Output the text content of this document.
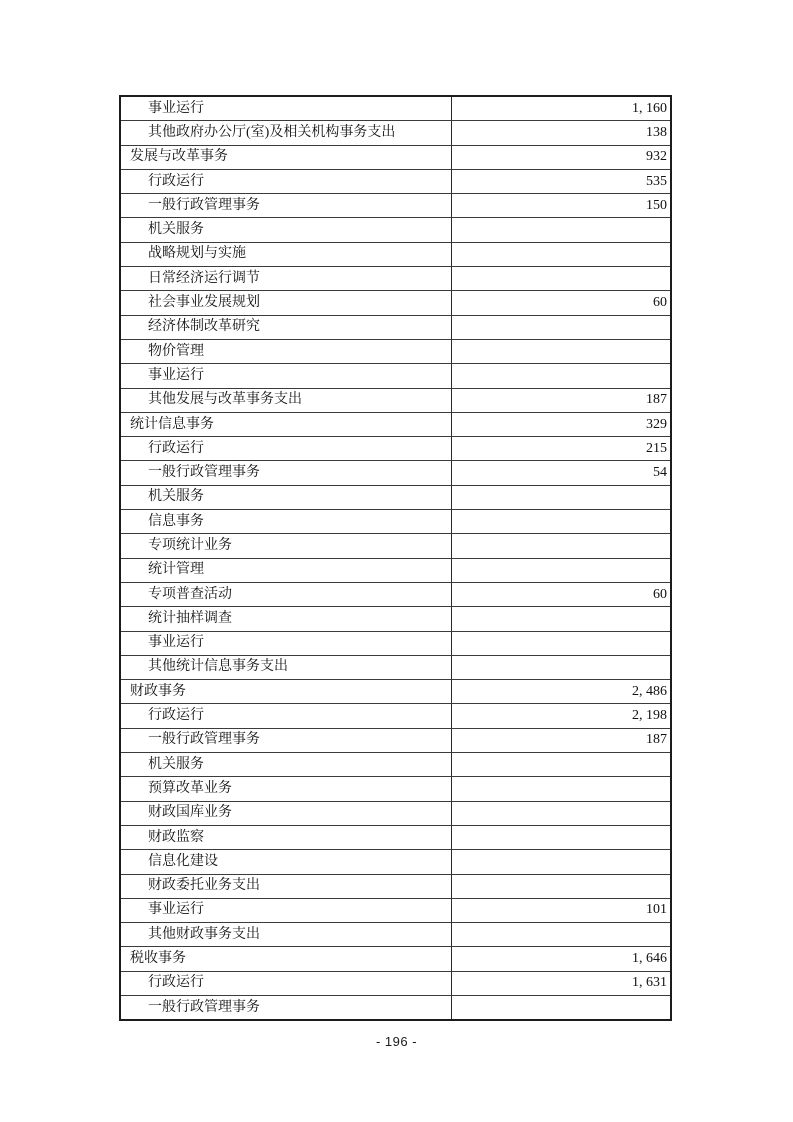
事业运行	1, 160
其他政府办公厅(室)及相关机构事务支出	138
发展与改革事务	932
行政运行	535
一般行政管理事务	150
机关服务
战略规划与实施
日常经济运行调节
社会事业发展规划	60
经济体制改革研究
物价管理
事业运行
其他发展与改革事务支出	187
统计信息事务	329
行政运行	215
一般行政管理事务	54
机关服务
信息事务
专项统计业务
统计管理
专项普查活动	60
统计抽样调查
事业运行
其他统计信息事务支出
财政事务	2, 486
行政运行	2, 198
一般行政管理事务	187
机关服务
预算改革业务
财政国库业务
财政监察
信息化建设
财政委托业务支出
事业运行	101
其他财政事务支出
税收事务	1, 646
行政运行	1, 631
一般行政管理事务
- 196 -
